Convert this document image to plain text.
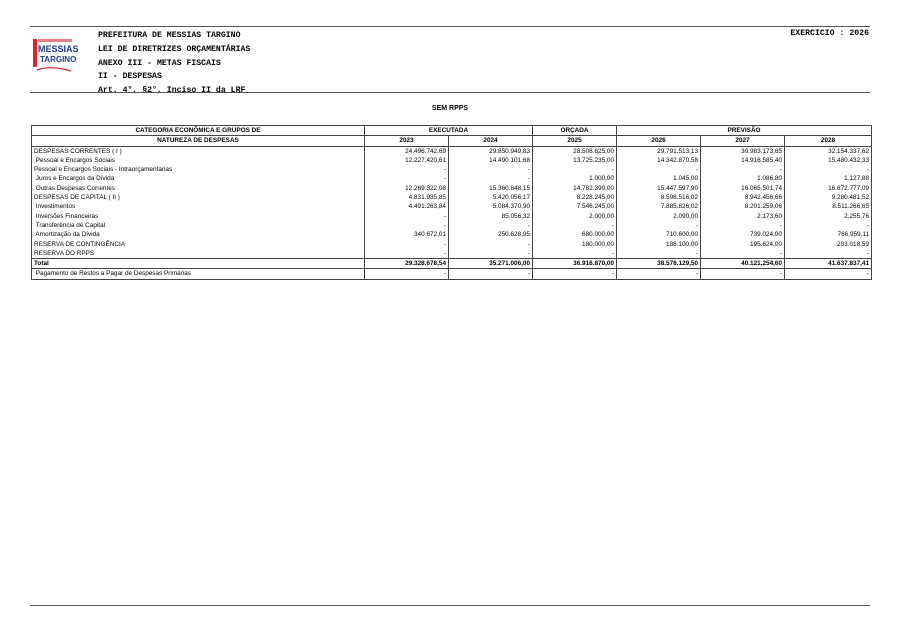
MESSIAS
TARGINO
PREFEITURA DE MESSIAS TARGINO
LEI DE DIRETRIZES ORÇAMENTÁRIAS
ANEXO III - METAS FISCAIS
II - DESPESAS
Art. 4°, §2°, Inciso II da LRF
EXERCICIO : 2026
SEM RPPS
CATEGORIA ECONÔMICA E GRUPOS DE	EXECUTADA		ORÇADA	PREVISÃO		
NATUREZA DE DESPESAS	2023	2024	2025	2026	2027	2028
DESPESAS CORRENTES ( I )	24.496.742,69	29.850.949,83	28.508.625,00	29.791.513,13	30.983.173,65	32.154.337,62
Pessoal e Encargos Sociais	12.227.420,61	14.490.101,68	13.725.235,00	14.342.870,58	14.916.585,40	15.480.432,33
Pessoal e Encargos Sociais - Intraorçamentarias	-	-	-	-	-	-
Juros e Encargos da Dívida	-	-	1.000,00	1.045,00	1.086,80	1.127,88
Outras Despesas Correntes	12.269.322,08	15.360.848,15	14.782.390,00	15.447.597,90	16.065.501,74	16.672.777,09
DESPESAS DE CAPITAL ( II )	4.831.935,85	5.420.056,17	8.228.245,00	8.598.516,02	8.942.456,66	9.280.481,52
Investimentos	4.491.263,84	5.084.370,90	7.546.245,00	7.885.826,02	8.201.259,06	8.511.266,65
Inversões Financeiras	-	85.056,32	2.000,00	2.090,00	2.173,60	2.255,76
Transferência de Capital	-	-	-	-	-	-
Amortização da Dívida	340.672,01	250.628,95	680.000,00	710.600,00	739.024,00	766.959,11
RESERVA DE CONTINGÊNCIA	-	-	180.000,00	188.100,00	195.624,00	203.018,59
RESERVA DO RPPS	-	-	-	-	-	-
Total	29.328.678,54	35.271.006,00	36.916.870,00	38.578.129,50	40.121.254,60	41.637.837,41
Pagamento de Restos a Pagar de Despesas Primárias	-	-	-	-	-	-
